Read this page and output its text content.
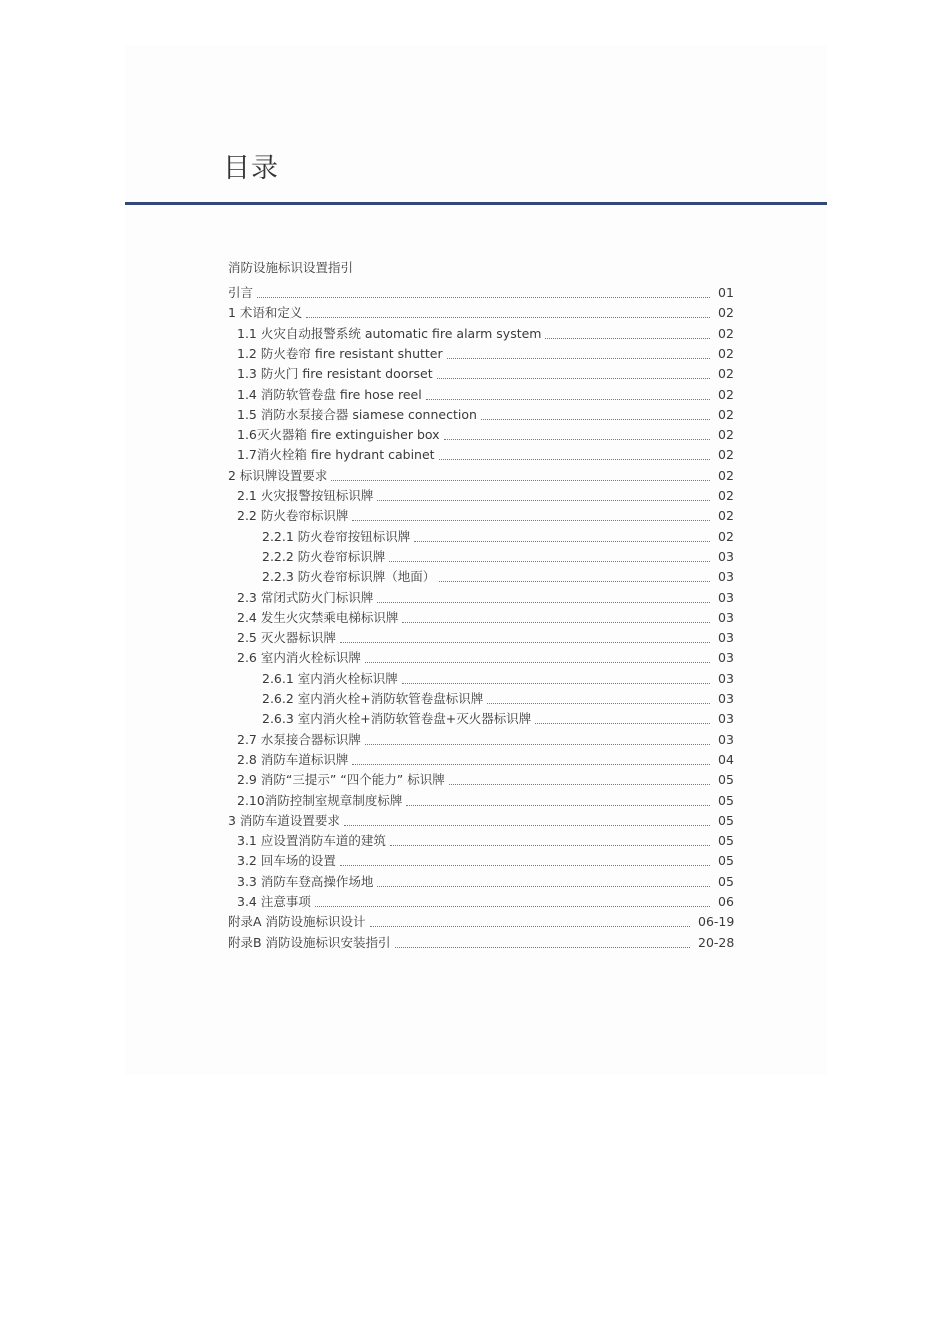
目录
消防设施标识设置指引
引言	01
1 术语和定义	02
1.1 火灾自动报警系统 automatic fire alarm system	02
1.2 防火卷帘 fire resistant shutter	02
1.3 防火门 fire resistant doorset	02
1.4 消防软管卷盘 fire hose reel	02
1.5 消防水泵接合器 siamese connection	02
1.6灭火器箱 fire extinguisher box	02
1.7消火栓箱 fire hydrant cabinet	02
2 标识牌设置要求	02
2.1 火灾报警按钮标识牌	02
2.2 防火卷帘标识牌	02
2.2.1 防火卷帘按钮标识牌	02
2.2.2 防火卷帘标识牌	03
2.2.3 防火卷帘标识牌（地面）	03
2.3 常闭式防火门标识牌	03
2.4 发生火灾禁乘电梯标识牌	03
2.5 灭火器标识牌	03
2.6 室内消火栓标识牌	03
2.6.1 室内消火栓标识牌	03
2.6.2 室内消火栓+消防软管卷盘标识牌	03
2.6.3 室内消火栓+消防软管卷盘+灭火器标识牌	03
2.7 水泵接合器标识牌	03
2.8 消防车道标识牌	04
2.9 消防“三提示” “四个能力” 标识牌	05
2.10消防控制室规章制度标牌	05
3 消防车道设置要求	05
3.1 应设置消防车道的建筑	05
3.2 回车场的设置	05
3.3 消防车登高操作场地	05
3.4 注意事项	06
附录A 消防设施标识设计	06-19
附录B 消防设施标识安装指引	20-28
